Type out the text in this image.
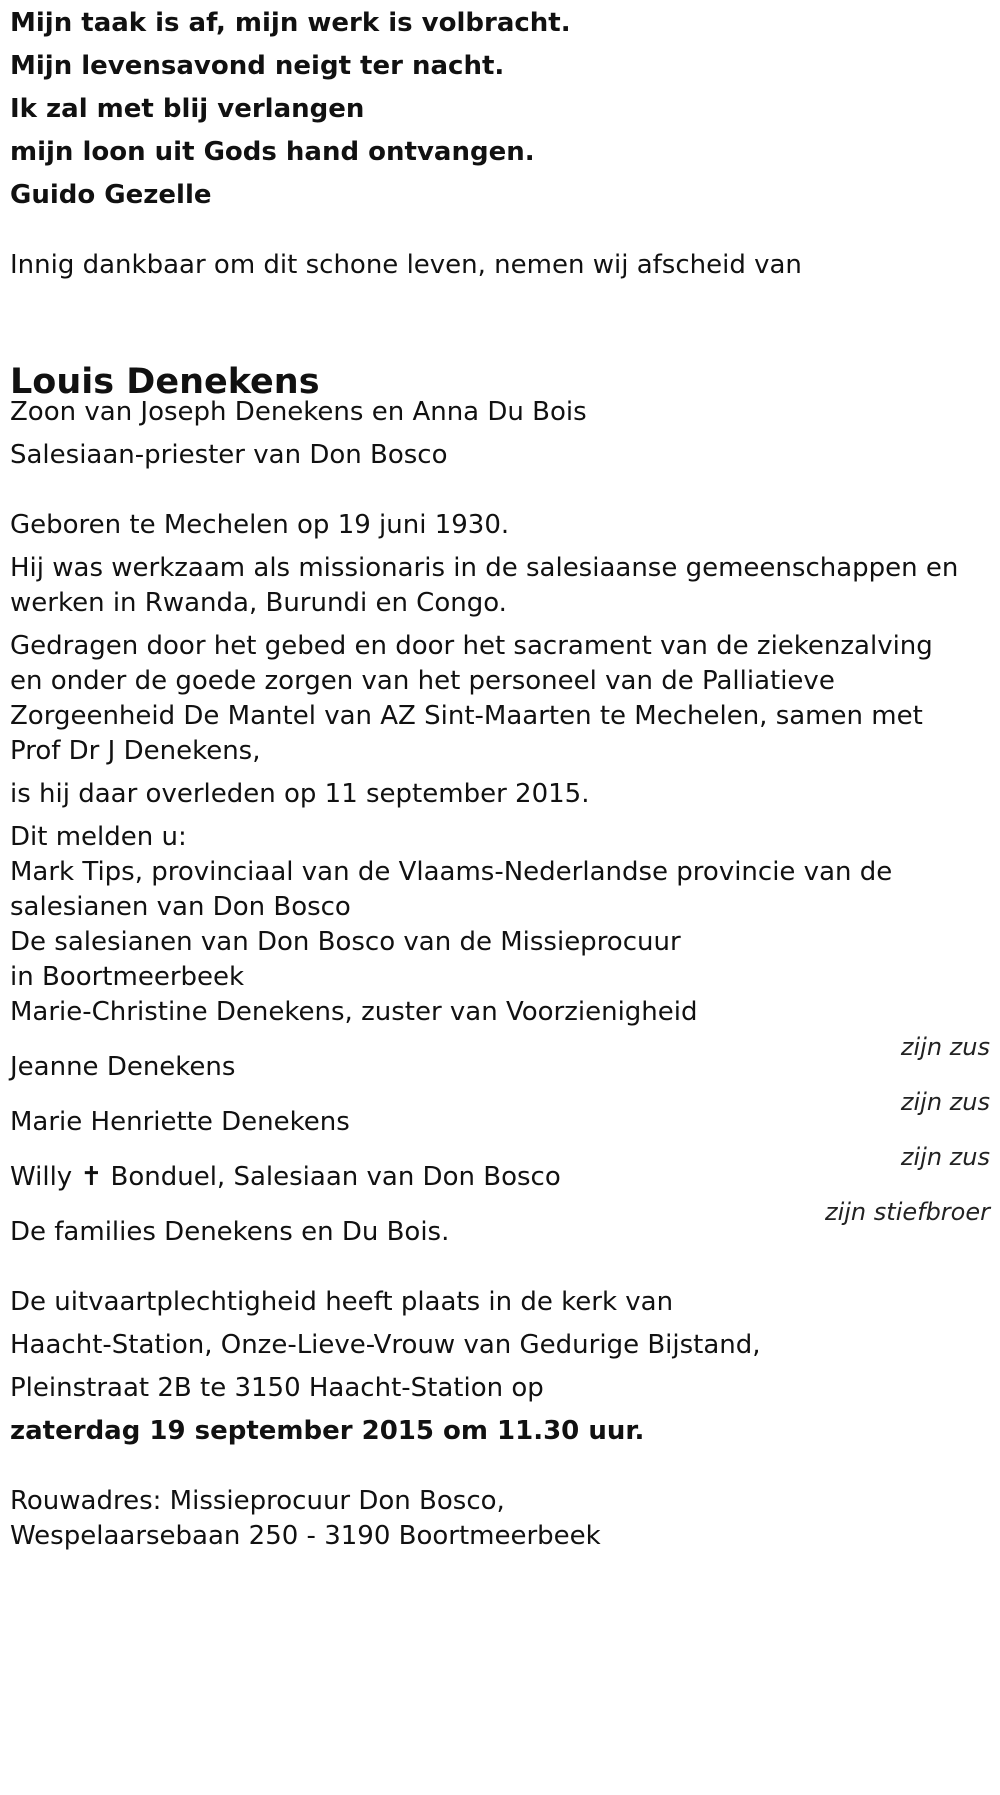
Mijn taak is af, mijn werk is volbracht.
Mijn levensavond neigt ter nacht.
Ik zal met blij verlangen
mijn loon uit Gods hand ontvangen.
Guido Gezelle
Innig dankbaar om dit schone leven, nemen wij afscheid van
Louis Denekens
Zoon van Joseph Denekens en Anna Du Bois
Salesiaan-priester van Don Bosco
Geboren te Mechelen op 19 juni 1930.
Hij was werkzaam als missionaris in de salesiaanse gemeenschappen en
werken in Rwanda, Burundi en Congo.
Gedragen door het gebed en door het sacrament van de ziekenzalving
en onder de goede zorgen van het personeel van de Palliatieve
Zorgeenheid De Mantel van AZ Sint-Maarten te Mechelen, samen met
Prof Dr J Denekens,
is hij daar overleden op 11 september 2015.
Dit melden u:
Mark Tips, provinciaal van de Vlaams-Nederlandse provincie van de
salesianen van Don Bosco
De salesianen van Don Bosco van de Missieprocuur
in Boortmeerbeek
Marie-Christine Denekens, zuster van Voorzienigheid
zijn zus
Jeanne Denekens
zijn zus
Marie Henriette Denekens
zijn zus
Willy ✝ Bonduel, Salesiaan van Don Bosco
zijn stiefbroer
De families Denekens en Du Bois.
De uitvaartplechtigheid heeft plaats in de kerk van
Haacht-Station, Onze-Lieve-Vrouw van Gedurige Bijstand,
Pleinstraat 2B te 3150 Haacht-Station op
zaterdag 19 september 2015 om 11.30 uur.
Rouwadres: Missieprocuur Don Bosco,
Wespelaarsebaan 250 - 3190 Boortmeerbeek
